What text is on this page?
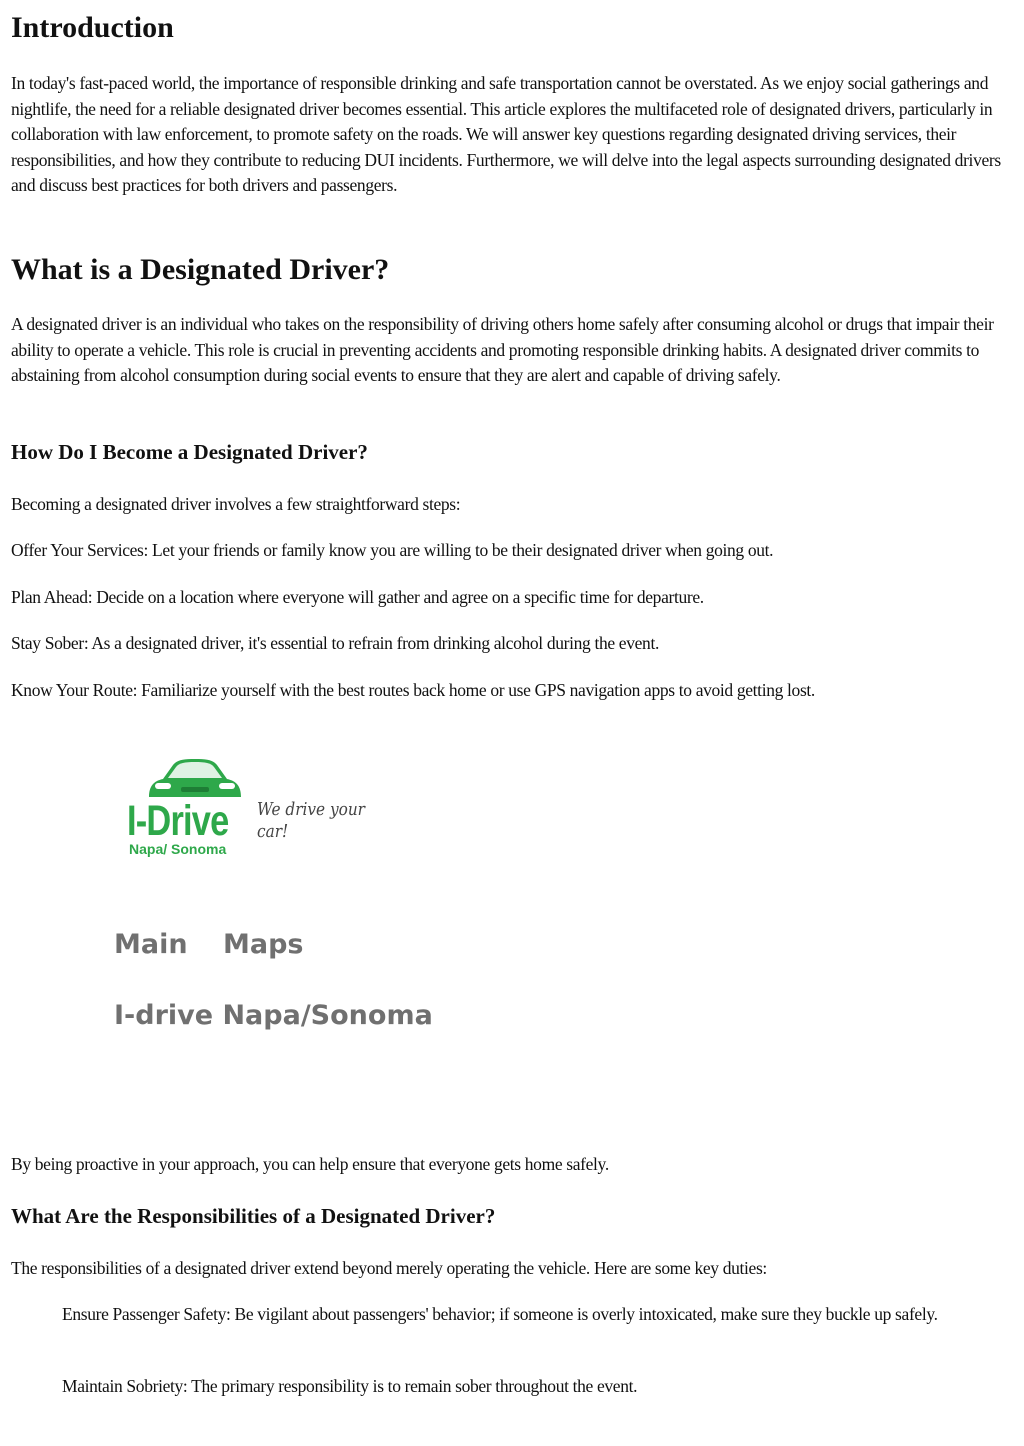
Introduction

In today's fast-paced world, the importance of responsible drinking and safe transportation cannot be overstated. As we enjoy social gatherings and nightlife, the need for a reliable designated driver becomes essential. This article explores the multifaceted role of designated drivers, particularly in collaboration with law enforcement, to promote safety on the roads. We will answer key questions regarding designated driving services, their responsibilities, and how they contribute to reducing DUI incidents. Furthermore, we will delve into the legal aspects surrounding designated drivers and discuss best practices for both drivers and passengers.

What is a Designated Driver?

A designated driver is an individual who takes on the responsibility of driving others home safely after consuming alcohol or drugs that impair their ability to operate a vehicle. This role is crucial in preventing accidents and promoting responsible drinking habits. A designated driver commits to abstaining from alcohol consumption during social events to ensure that they are alert and capable of driving safely.

How Do I Become a Designated Driver?

Becoming a designated driver involves a few straightforward steps:

Offer Your Services: Let your friends or family know you are willing to be their designated driver when going out.

Plan Ahead: Decide on a location where everyone will gather and agree on a specific time for departure.

Stay Sober: As a designated driver, it's essential to refrain from drinking alcohol during the event.

Know Your Route: Familiarize yourself with the best routes back home or use GPS navigation apps to avoid getting lost.

By being proactive in your approach, you can help ensure that everyone gets home safely.

What Are the Responsibilities of a Designated Driver?

The responsibilities of a designated driver extend beyond merely operating the vehicle. Here are some key duties:

Ensure Passenger Safety: Be vigilant about passengers' behavior; if someone is overly intoxicated, make sure they buckle up safely.

Maintain Sobriety: The primary responsibility is to remain sober throughout the event.

I-Drive
Napa/ Sonoma
We drive your car!
Main Maps
I-drive Napa/Sonoma
